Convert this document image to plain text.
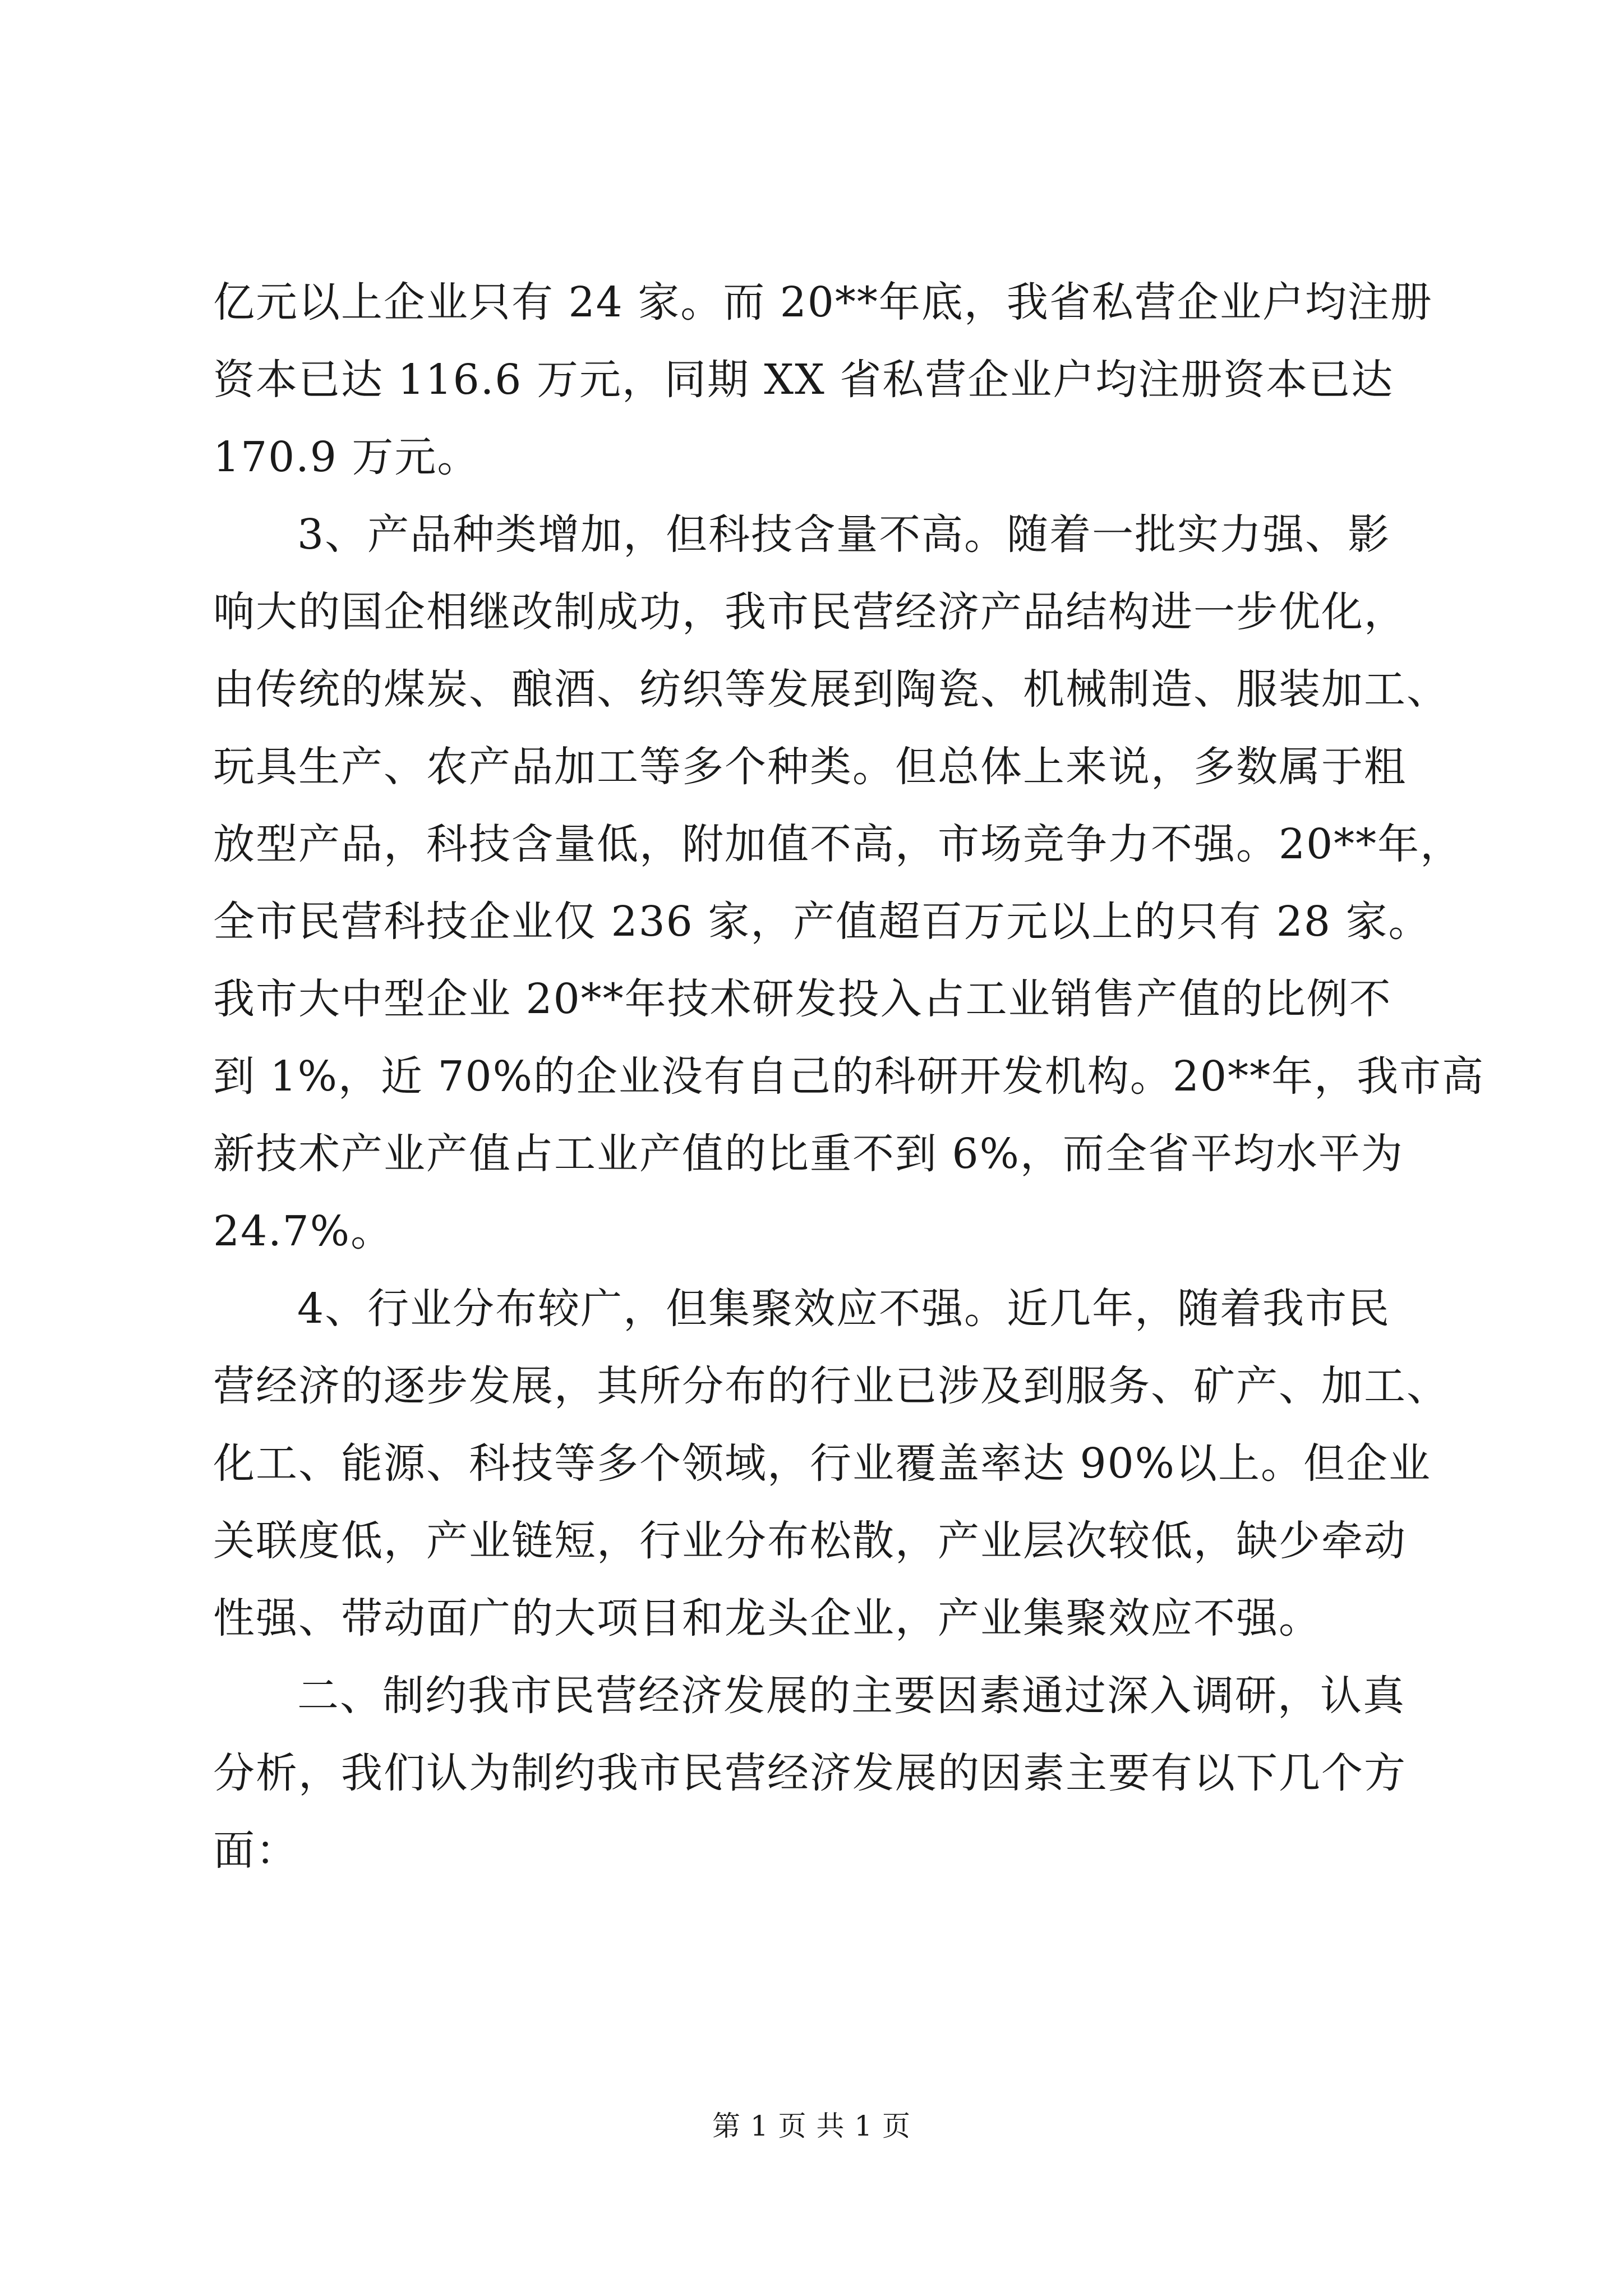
亿元以上企业只有 24 家。而 20**年底，我省私营企业户均注册
资本已达 116.6 万元，同期 XX 省私营企业户均注册资本已达
170.9 万元。
3、产品种类增加，但科技含量不高。随着一批实力强、影
响大的国企相继改制成功，我市民营经济产品结构进一步优化，
由传统的煤炭、酿酒、纺织等发展到陶瓷、机械制造、服装加工、
玩具生产、农产品加工等多个种类。但总体上来说，多数属于粗
放型产品，科技含量低，附加值不高，市场竞争力不强。20**年，
全市民营科技企业仅 236 家，产值超百万元以上的只有 28 家。
我市大中型企业 20**年技术研发投入占工业销售产值的比例不
到 1%，近 70%的企业没有自己的科研开发机构。20**年，我市高
新技术产业产值占工业产值的比重不到 6%，而全省平均水平为
24.7%。
4、行业分布较广，但集聚效应不强。近几年，随着我市民
营经济的逐步发展，其所分布的行业已涉及到服务、矿产、加工、
化工、能源、科技等多个领域，行业覆盖率达 90%以上。但企业
关联度低，产业链短，行业分布松散，产业层次较低，缺少牵动
性强、带动面广的大项目和龙头企业，产业集聚效应不强。
二、制约我市民营经济发展的主要因素通过深入调研，认真
分析，我们认为制约我市民营经济发展的因素主要有以下几个方
面：
第 1 页 共 1 页
